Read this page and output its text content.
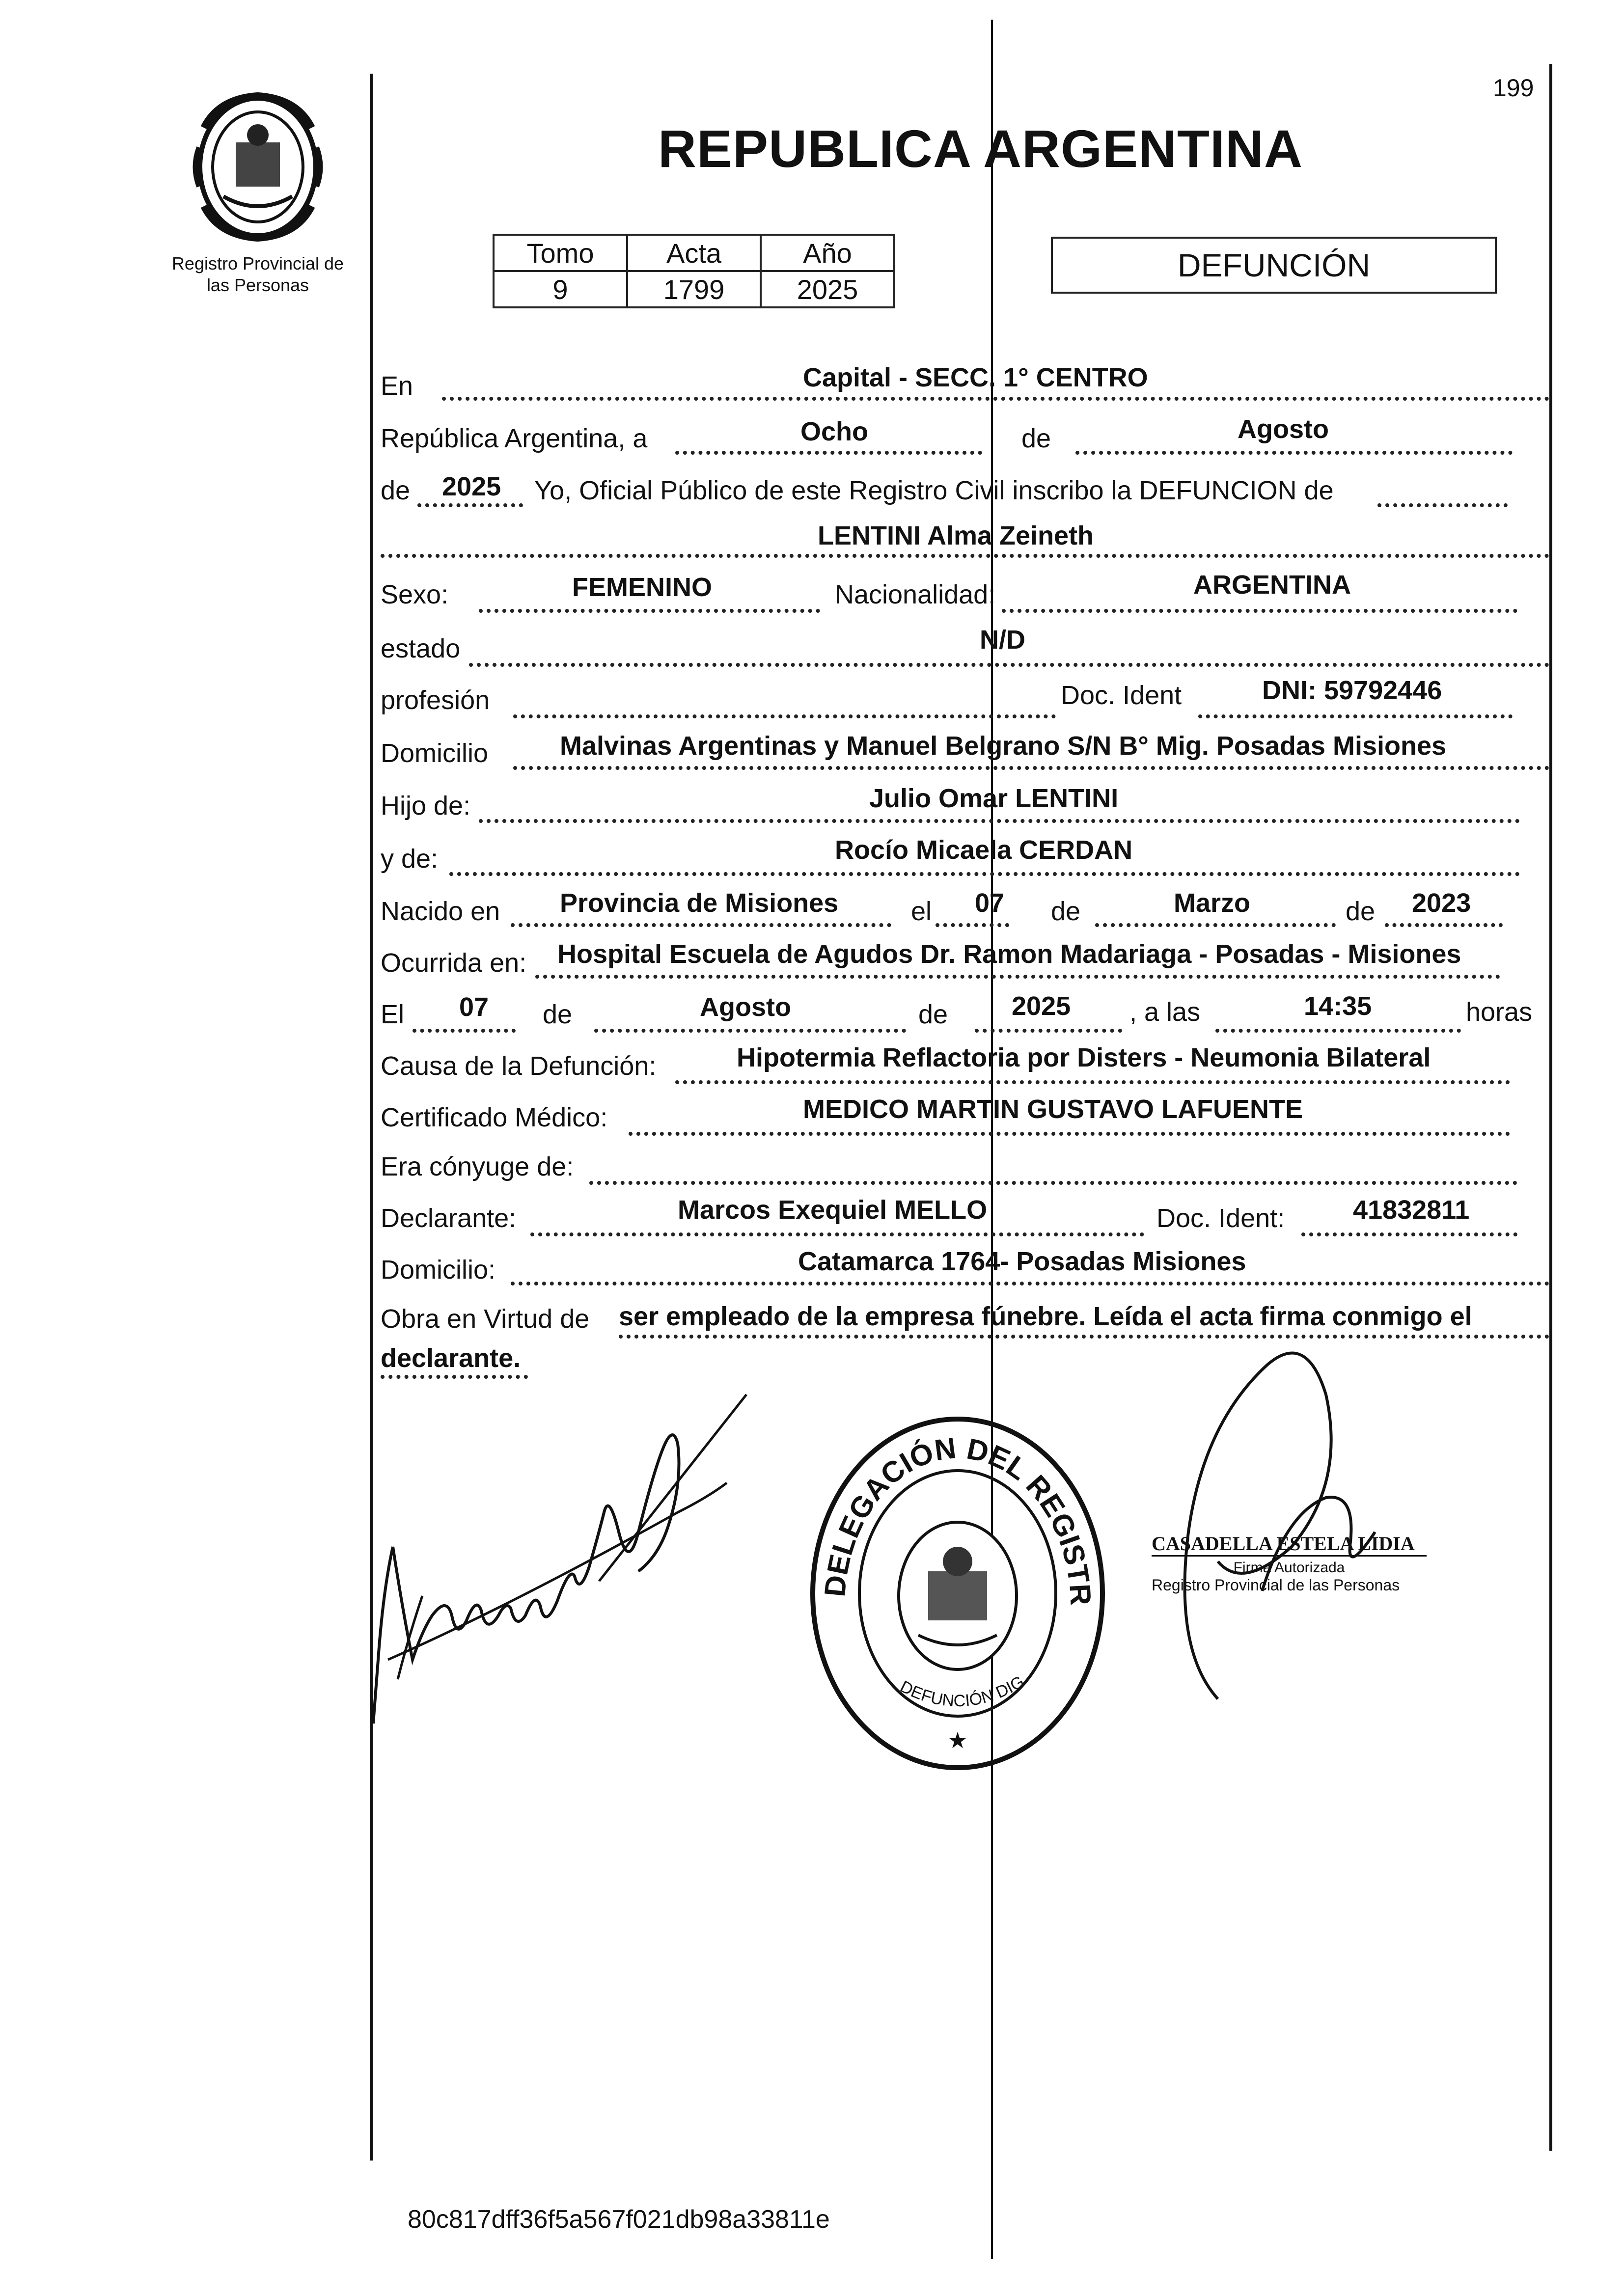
199
Registro Provincial de
las Personas
REPUBLICA ARGENTINA
Tomo	Acta	Año
9	1799	2025
DEFUNCIÓN
En	Capital - SECC. 1° CENTRO
República Argentina, a	Ocho	de	Agosto
de 2025 Yo, Oficial Público de este Registro Civil inscribo la DEFUNCION de
LENTINI Alma Zeineth
Sexo:	FEMENINO	Nacionalidad:	ARGENTINA
estado	N/D
profesión	Doc. Ident	DNI: 59792446
Domicilio	Malvinas Argentinas y Manuel Belgrano S/N B° Mig. Posadas Misiones
Hijo de:	Julio Omar LENTINI
y de:	Rocío Micaela CERDAN
Nacido en Provincia de Misiones	el 07 de	Marzo	de 2023
Ocurrida en: Hospital Escuela de Agudos Dr. Ramon Madariaga - Posadas - Misiones
El 07 de	Agosto	de 2025 , a las	14:35	horas
Causa de la Defunción:	Hipotermia Reflactoria por Disters - Neumonia Bilateral
Certificado Médico:	MEDICO MARTIN GUSTAVO LAFUENTE
Era cónyuge de:
Declarante:	Marcos Exequiel MELLO	Doc. Ident:	41832811
Domicilio:	Catamarca 1764- Posadas Misiones
Obra en Virtud de ser empleado de la empresa fúnebre. Leída el acta firma conmigo el
declarante.
DELEGACIÓN DEL REGISTR
DEFUNCIÓN DIG
★
CASADELLA ESTELA LIDIA
Firma Autorizada
Registro Provincial de las Personas
80c817dff36f5a567f021db98a33811e
